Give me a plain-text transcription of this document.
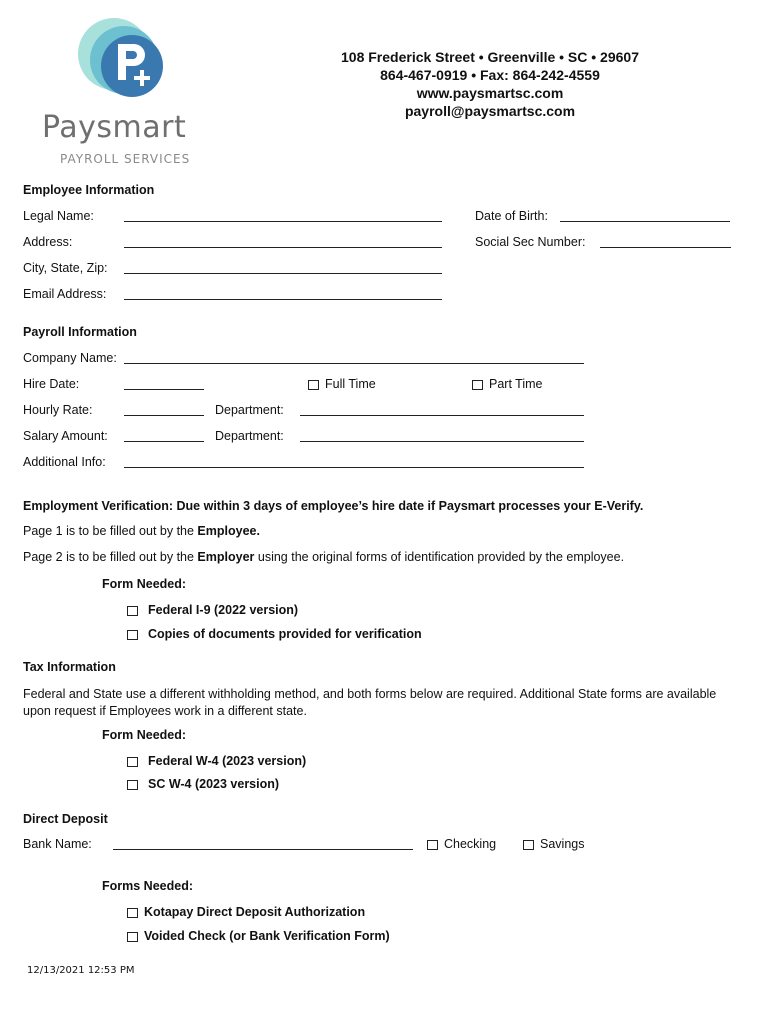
Paysmart
PAYROLL SERVICES
108 Frederick Street • Greenville • SC • 29607
864-467-0919 • Fax: 864-242-4559
www.paysmartsc.com
payroll@paysmartsc.com
Employee Information
Legal Name:	Date of Birth:
Address:	Social Sec Number:
City, State, Zip:
Email Address:
Payroll Information
Company Name:
Hire Date:	Full Time	Part Time
Hourly Rate:	Department:
Salary Amount:	Department:
Additional Info:
Employment Verification: Due within 3 days of employee’s hire date if Paysmart processes your E-Verify.
Page 1 is to be filled out by the Employee.
Page 2 is to be filled out by the Employer using the original forms of identification provided by the employee.
Form Needed:
Federal I-9 (2022 version)
Copies of documents provided for verification
Tax Information
Federal and State use a different withholding method, and both forms below are required. Additional State forms are available upon request if Employees work in a different state.
Form Needed:
Federal W-4 (2023 version)
SC W-4 (2023 version)
Direct Deposit
Bank Name:	Checking	Savings
Forms Needed:
Kotapay Direct Deposit Authorization
Voided Check (or Bank Verification Form)
12/13/2021 12:53 PM
